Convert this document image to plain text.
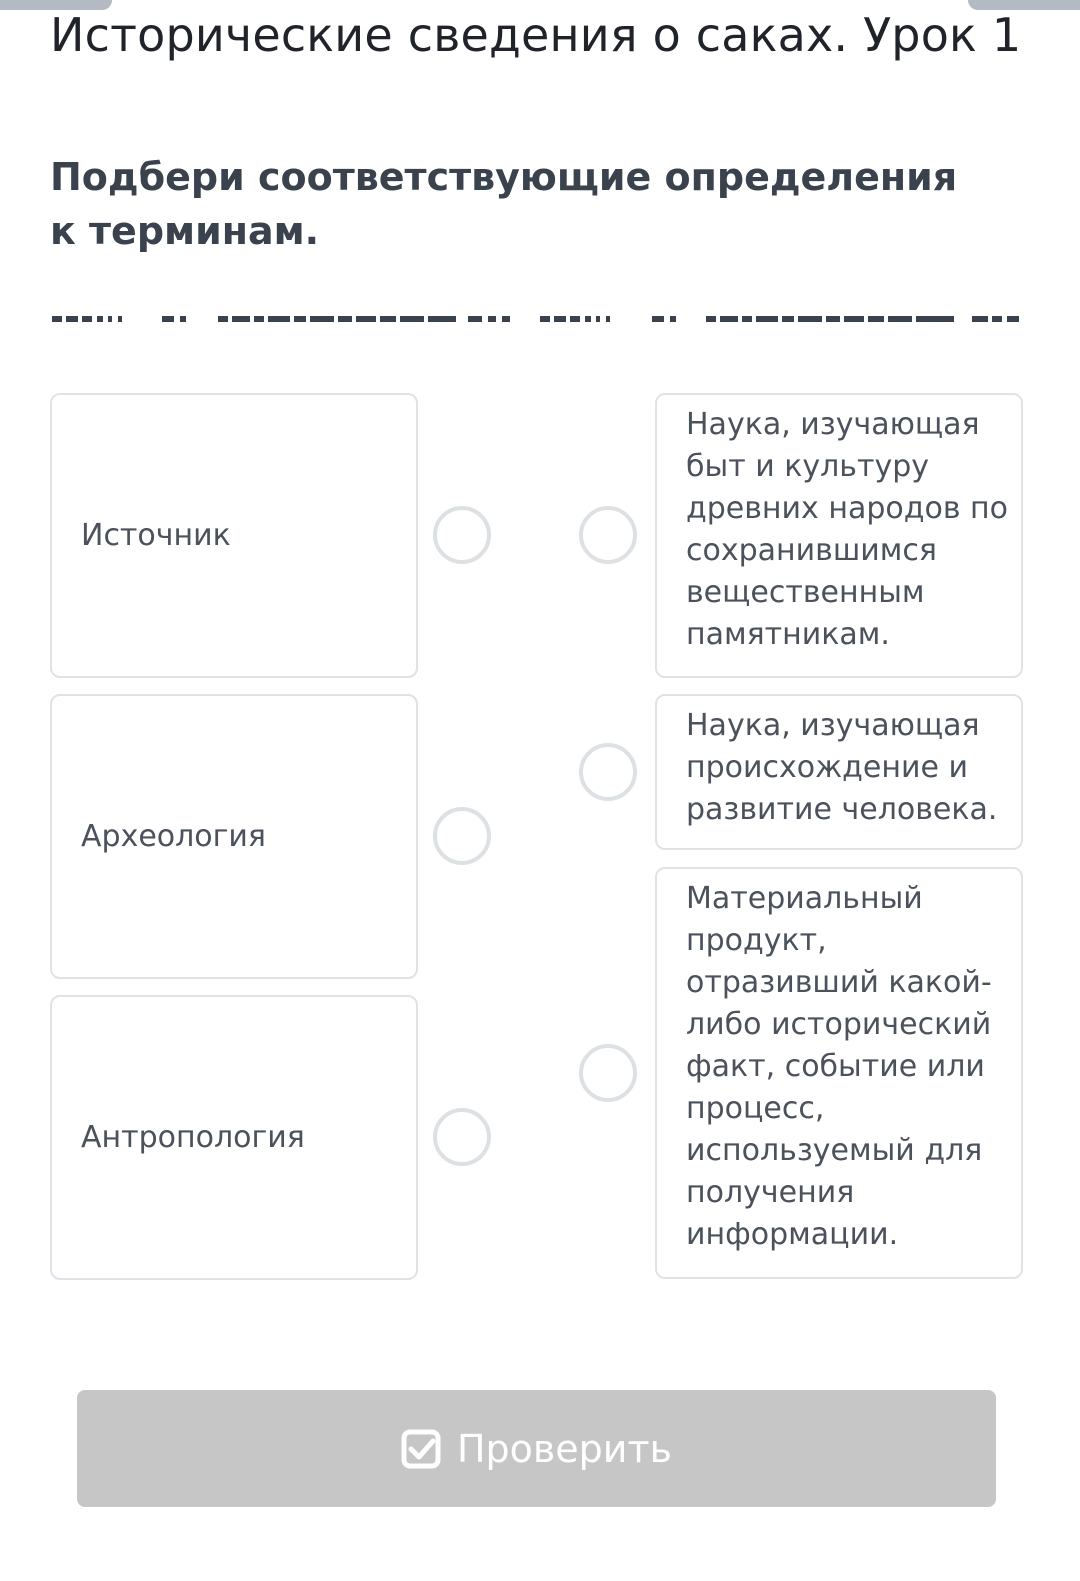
Исторические сведения о саках. Урок 1

Подбери соответствующие определения к терминам.

Источник
Археология
Антропология
Наука, изучающая быт и культуру древних народов по сохранившимся вещественным памятникам.
Наука, изучающая происхождение и развитие человека.
Материальный продукт, отразивший какой-либо исторический факт, событие или процесс, используемый для получения информации.
Проверить
